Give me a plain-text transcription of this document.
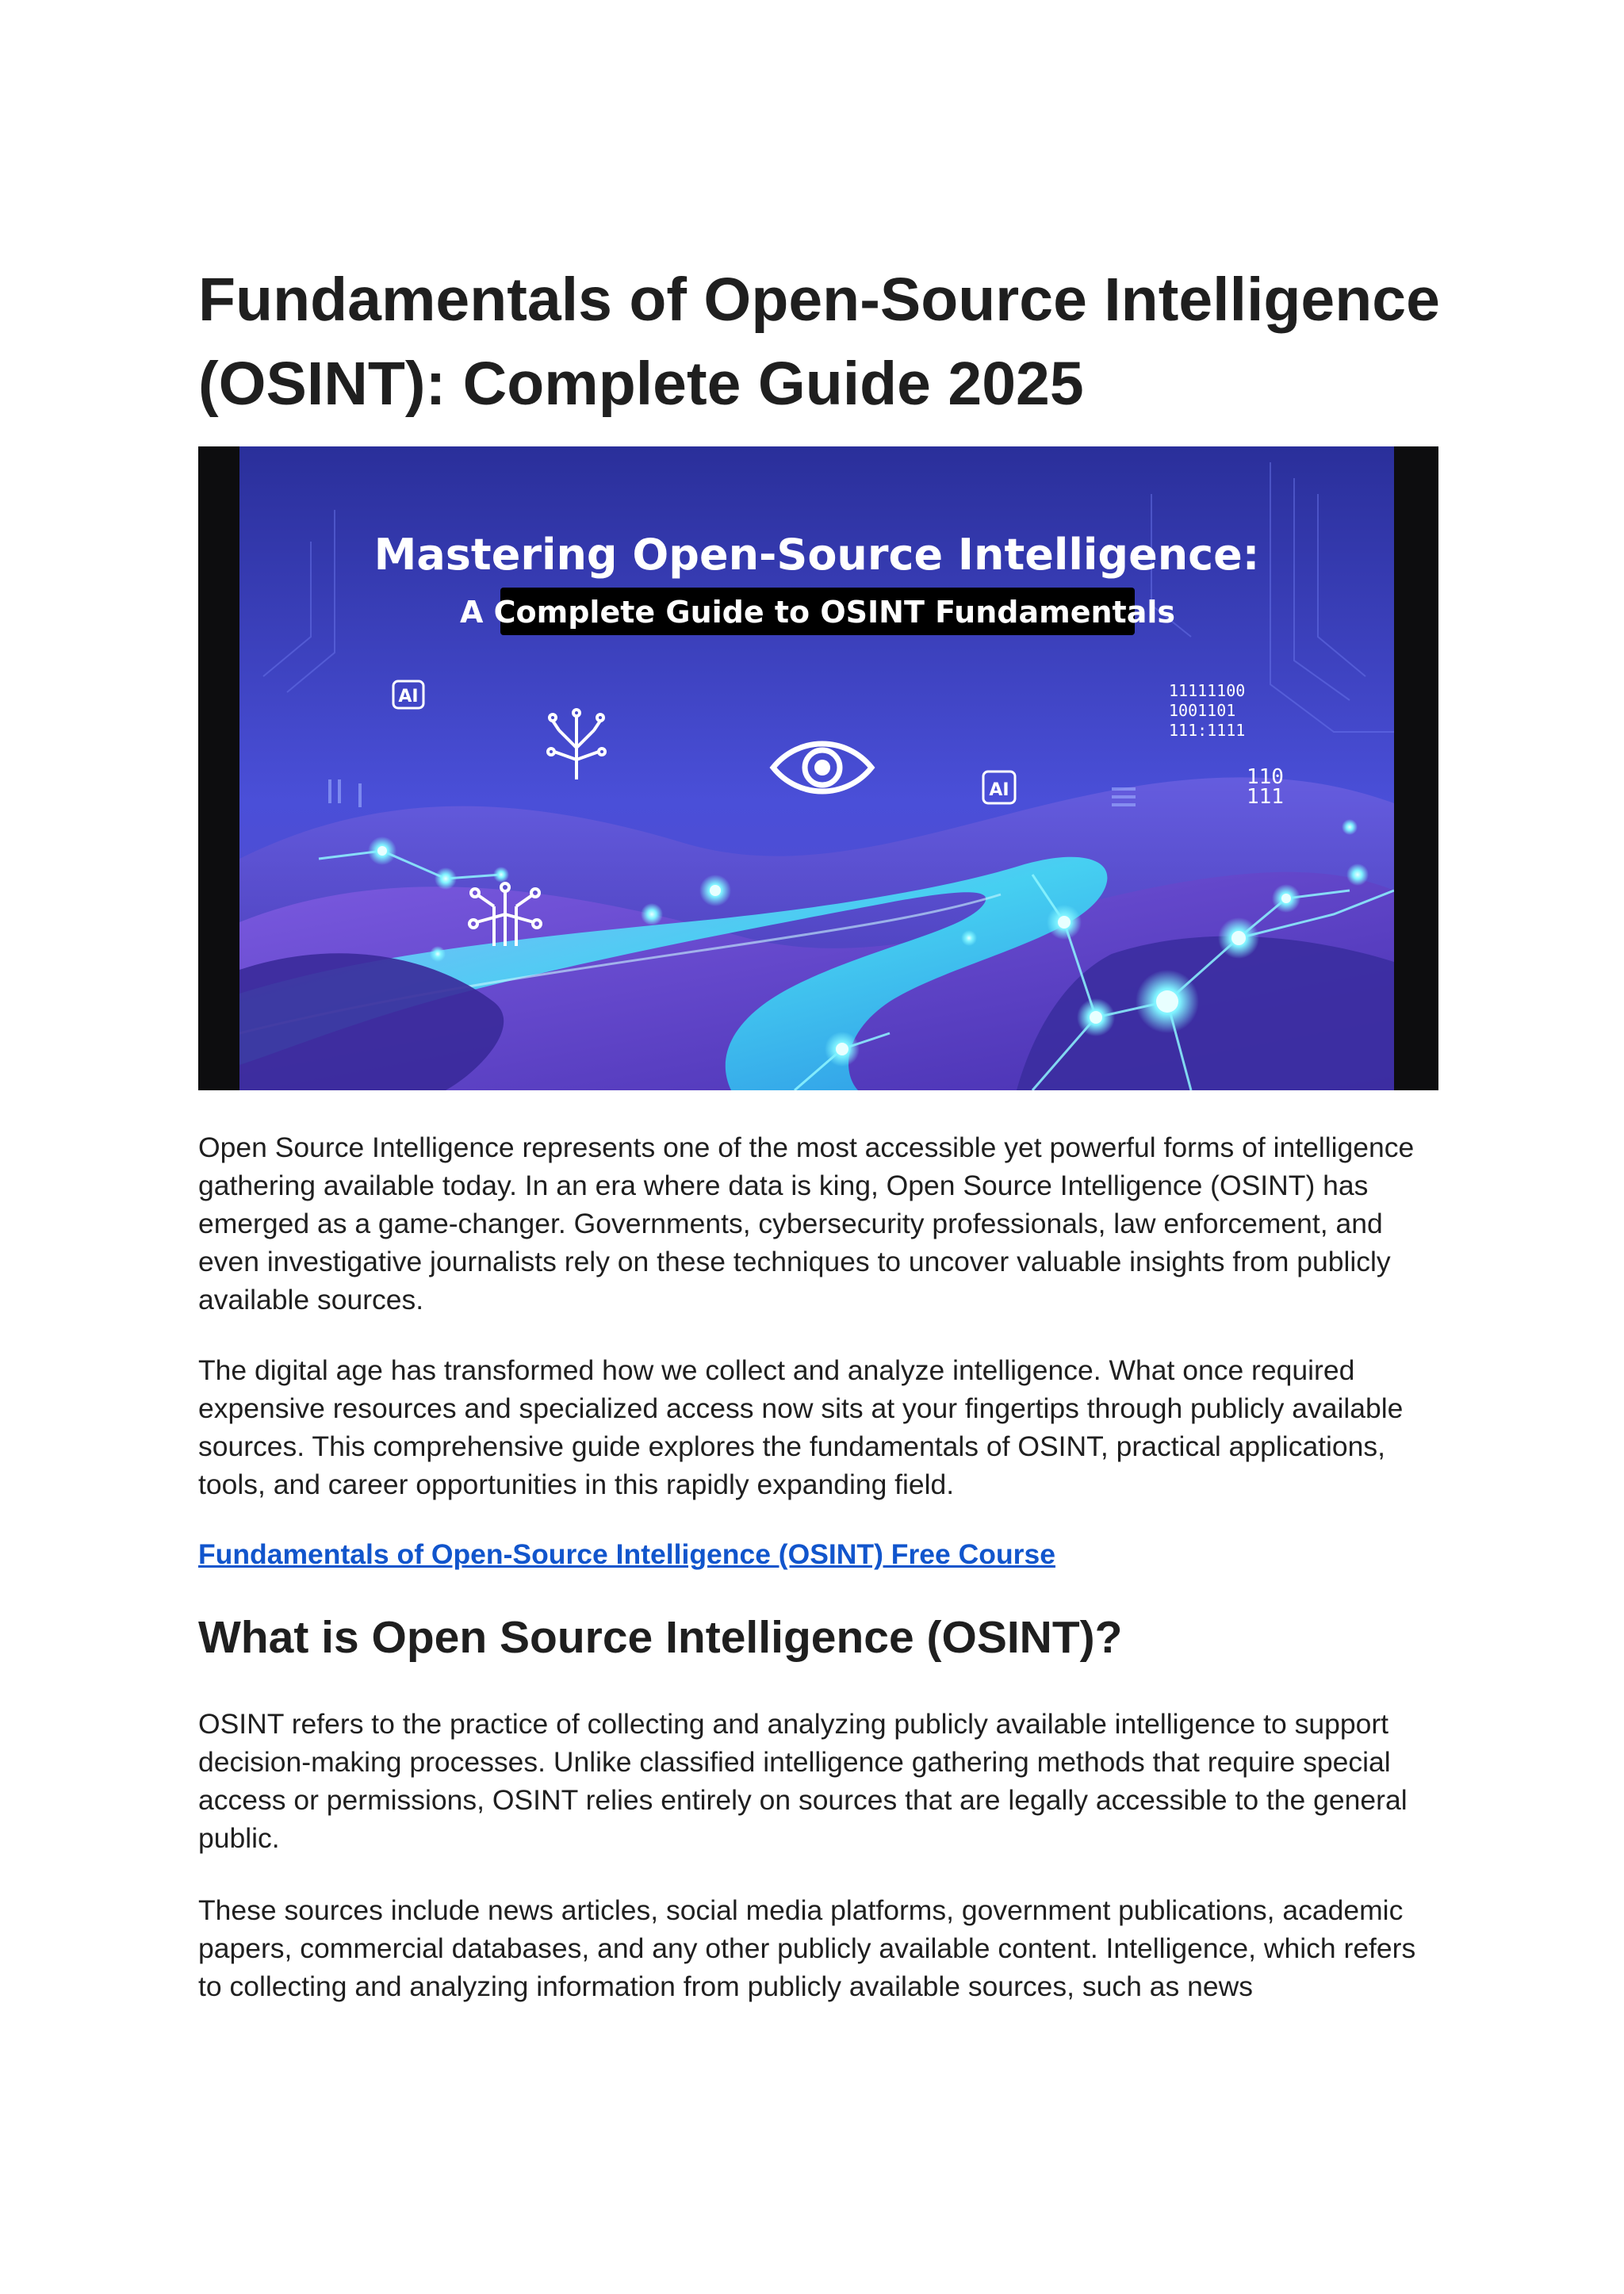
Fundamentals of Open-Source Intelligence (OSINT): Complete Guide 2025
AI
AI
11111100
1001101
111:1111
110
111
Mastering Open-Source Intelligence:
A Complete Guide to OSINT Fundamentals

Open Source Intelligence represents one of the most accessible yet powerful forms of intelligence gathering available today. In an era where data is king, Open Source Intelligence (OSINT) has emerged as a game-changer. Governments, cybersecurity professionals, law enforcement, and even investigative journalists rely on these techniques to uncover valuable insights from publicly available sources.

The digital age has transformed how we collect and analyze intelligence. What once required expensive resources and specialized access now sits at your fingertips through publicly available sources. This comprehensive guide explores the fundamentals of OSINT, practical applications, tools, and career opportunities in this rapidly expanding field.

Fundamentals of Open-Source Intelligence (OSINT) Free Course

What is Open Source Intelligence (OSINT)?

OSINT refers to the practice of collecting and analyzing publicly available intelligence to support decision-making processes. Unlike classified intelligence gathering methods that require special access or permissions, OSINT relies entirely on sources that are legally accessible to the general public.

These sources include news articles, social media platforms, government publications, academic papers, commercial databases, and any other publicly available content. Intelligence, which refers to collecting and analyzing information from publicly available sources, such as news
